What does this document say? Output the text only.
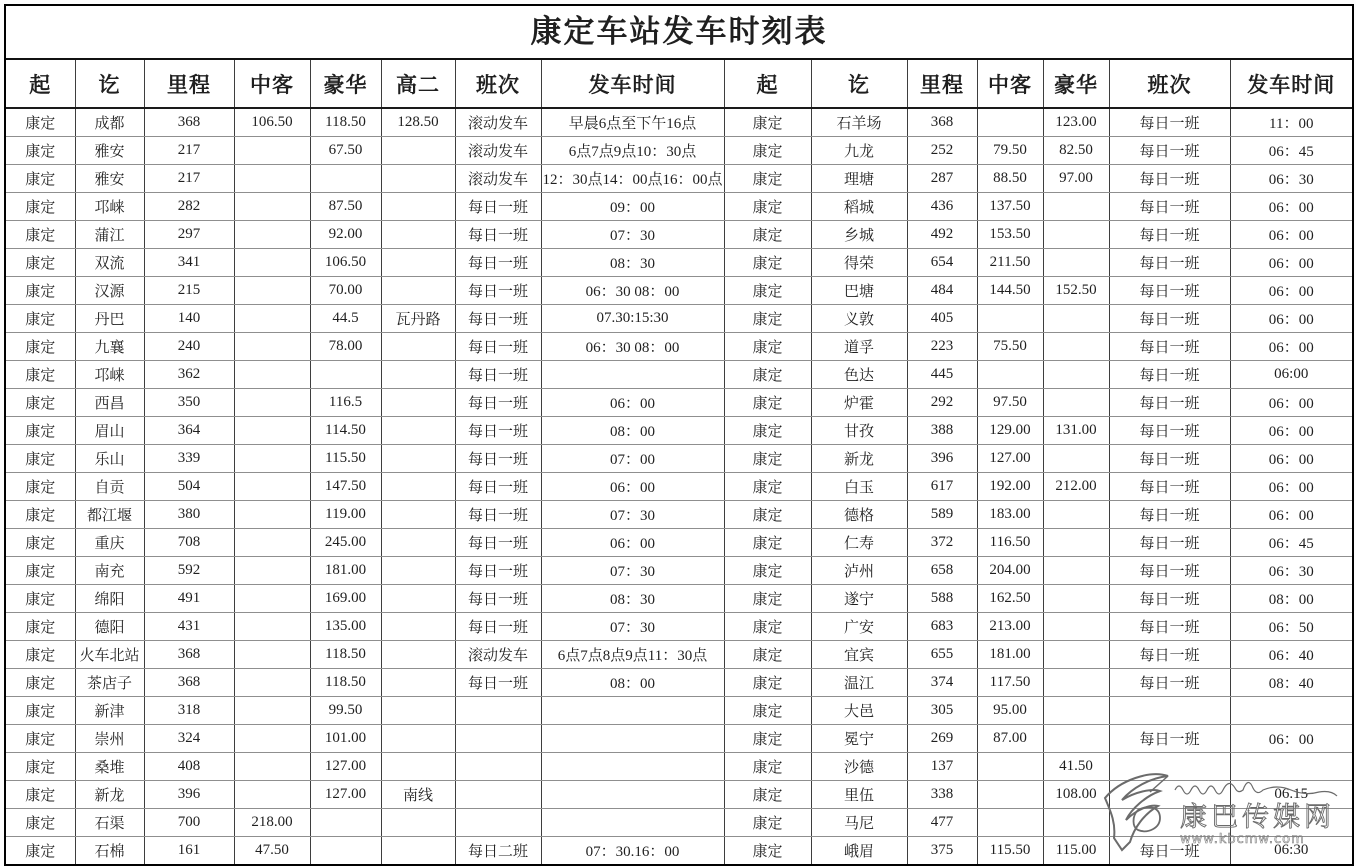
康定车站发车时刻表
起	讫	里程	中客	豪华	高二	班次	发车时间	起	讫	里程	中客	豪华	班次	发车时间
康定	成都	368	106.50	118.50	128.50	滚动发车	早晨6点至下午16点	康定	石羊场	368		123.00	每日一班	11：00
康定	雅安	217		67.50		滚动发车	6点7点9点10：30点	康定	九龙	252	79.50	82.50	每日一班	06：45
康定	雅安	217				滚动发车	12：30点14：00点16：00点	康定	理塘	287	88.50	97.00	每日一班	06：30
康定	邛崃	282		87.50		每日一班	09：00	康定	稻城	436	137.50		每日一班	06：00
康定	蒲江	297		92.00		每日一班	07：30	康定	乡城	492	153.50		每日一班	06：00
康定	双流	341		106.50		每日一班	08：30	康定	得荣	654	211.50		每日一班	06：00
康定	汉源	215		70.00		每日一班	06：30 08：00	康定	巴塘	484	144.50	152.50	每日一班	06：00
康定	丹巴	140		44.5	瓦丹路	每日一班	07.30:15:30	康定	义敦	405			每日一班	06：00
康定	九襄	240		78.00		每日一班	06：30 08：00	康定	道孚	223	75.50		每日一班	06：00
康定	邛崃	362				每日一班		康定	色达	445			每日一班	06:00
康定	西昌	350		116.5		每日一班	06：00	康定	炉霍	292	97.50		每日一班	06：00
康定	眉山	364		114.50		每日一班	08：00	康定	甘孜	388	129.00	131.00	每日一班	06：00
康定	乐山	339		115.50		每日一班	07：00	康定	新龙	396	127.00		每日一班	06：00
康定	自贡	504		147.50		每日一班	06：00	康定	白玉	617	192.00	212.00	每日一班	06：00
康定	都江堰	380		119.00		每日一班	07：30	康定	德格	589	183.00		每日一班	06：00
康定	重庆	708		245.00		每日一班	06：00	康定	仁寿	372	116.50		每日一班	06：45
康定	南充	592		181.00		每日一班	07：30	康定	泸州	658	204.00		每日一班	06：30
康定	绵阳	491		169.00		每日一班	08：30	康定	遂宁	588	162.50		每日一班	08：00
康定	德阳	431		135.00		每日一班	07：30	康定	广安	683	213.00		每日一班	06：50
康定	火车北站	368		118.50		滚动发车	6点7点8点9点11：30点	康定	宜宾	655	181.00		每日一班	06：40
康定	茶店子	368		118.50		每日一班	08：00	康定	温江	374	117.50		每日一班	08：40
康定	新津	318		99.50				康定	大邑	305	95.00			
康定	崇州	324		101.00				康定	冕宁	269	87.00		每日一班	06：00
康定	桑堆	408		127.00				康定	沙德	137		41.50		
康定	新龙	396		127.00	南线			康定	里伍	338		108.00		06.15
康定	石渠	700	218.00					康定	马尼	477				
康定	石棉	161	47.50			每日二班	07：30.16：00	康定	峨眉	375	115.50	115.00	每日一班	06:30
康巴传媒网
www.kbcmw.com
